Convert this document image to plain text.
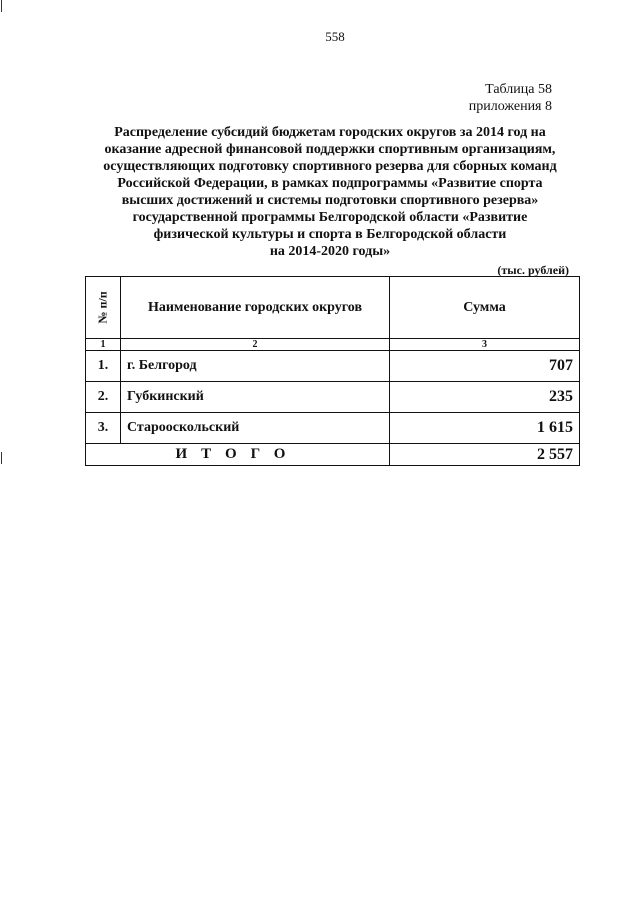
558
Таблица 58
приложения 8
Распределение субсидий бюджетам городских округов за 2014 год на
оказание адресной финансовой поддержки спортивным организациям,
осуществляющих подготовку спортивного резерва для сборных команд
Российской Федерации, в рамках подпрограммы «Развитие спорта
высших достижений и системы подготовки спортивного резерва»
государственной программы Белгородской области «Развитие
физической культуры и спорта в Белгородской области
на 2014-2020 годы»
(тыс. рублей)
№ п/п	Наименование городских округов	Сумма
1	2	3
1.	г. Белгород	707
2.	Губкинский	235
3.	Старооскольский	1 615
ИТОГО		2 557
